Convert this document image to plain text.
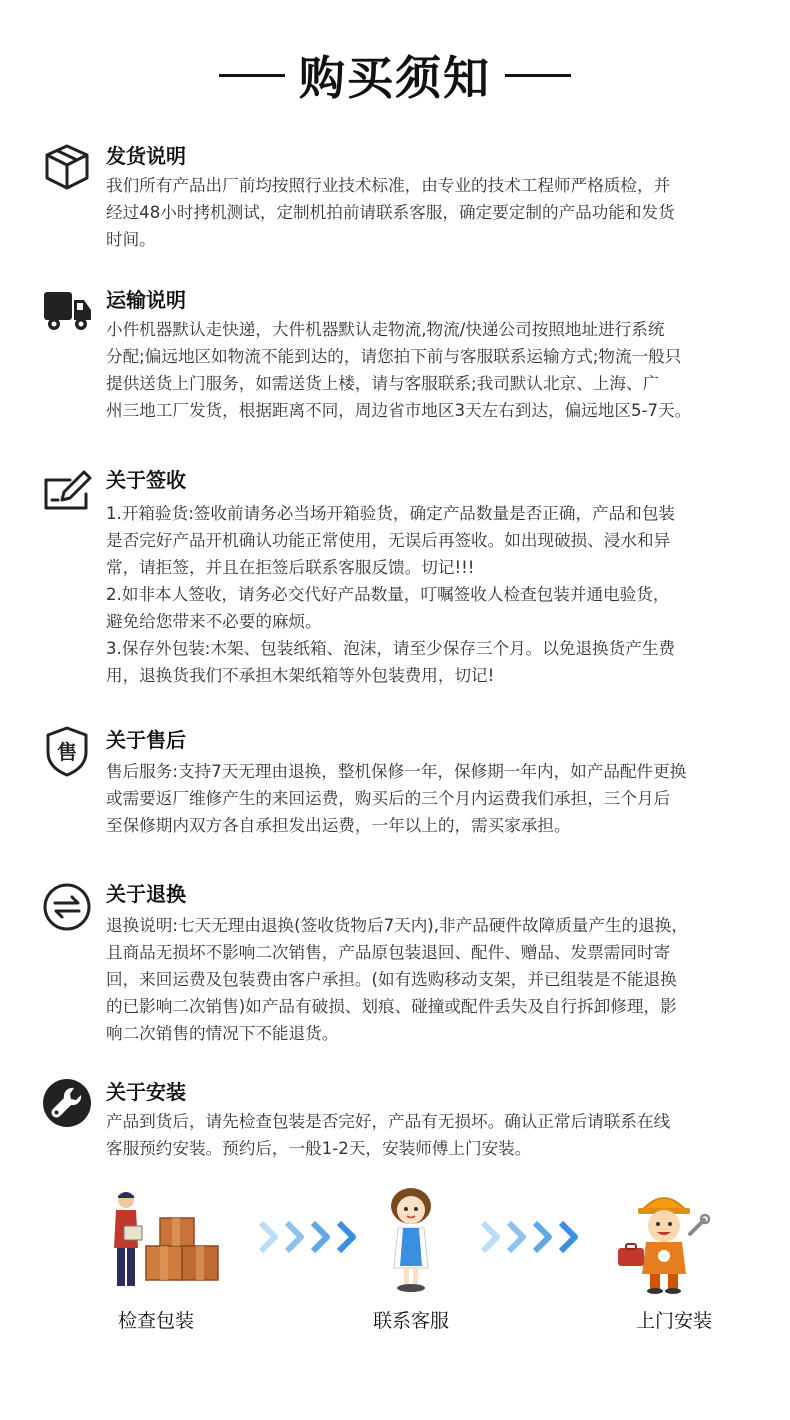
购买须知
发货说明
我们所有产品出厂前均按照行业技术标准，由专业的技术工程师严格质检，并
经过48小时拷机测试，定制机拍前请联系客服，确定要定制的产品功能和发货
时间。
运输说明
小件机器默认走快递，大件机器默认走物流,物流/快递公司按照地址进行系统
分配;偏远地区如物流不能到达的，请您拍下前与客服联系运输方式;物流一般只
提供送货上门服务，如需送货上楼，请与客服联系;我司默认北京、上海、广
州三地工厂发货，根据距离不同，周边省市地区3天左右到达，偏远地区5-7天。
关于签收
1.开箱验货:签收前请务必当场开箱验货，确定产品数量是否正确，产品和包装
是否完好产品开机确认功能正常使用，无误后再签收。如出现破损、浸水和异
常，请拒签，并且在拒签后联系客服反馈。切记!!!
2.如非本人签收，请务必交代好产品数量，叮嘱签收人检查包装并通电验货，
避免给您带来不必要的麻烦。
3.保存外包装:木架、包装纸箱、泡沫，请至少保存三个月。以免退换货产生费
用，退换货我们不承担木架纸箱等外包装费用，切记!
售 关于售后
售后服务:支持7天无理由退换，整机保修一年，保修期一年内，如产品配件更换
或需要返厂维修产生的来回运费，购买后的三个月内运费我们承担，三个月后
至保修期内双方各自承担发出运费，一年以上的，需买家承担。
关于退换
退换说明:七天无理由退换(签收货物后7天内),非产品硬件故障质量产生的退换，
且商品无损坏不影响二次销售，产品原包装退回、配件、赠品、发票需同时寄
回，来回运费及包装费由客户承担。(如有选购移动支架，并已组装是不能退换
的已影响二次销售)如产品有破损、划痕、碰撞或配件丢失及自行拆卸修理，影
响二次销售的情况下不能退货。
关于安装
产品到货后，请先检查包装是否完好，产品有无损坏。确认正常后请联系在线
客服预约安装。预约后，一般1-2天，安装师傅上门安装。
检查包装	联系客服	上门安装
